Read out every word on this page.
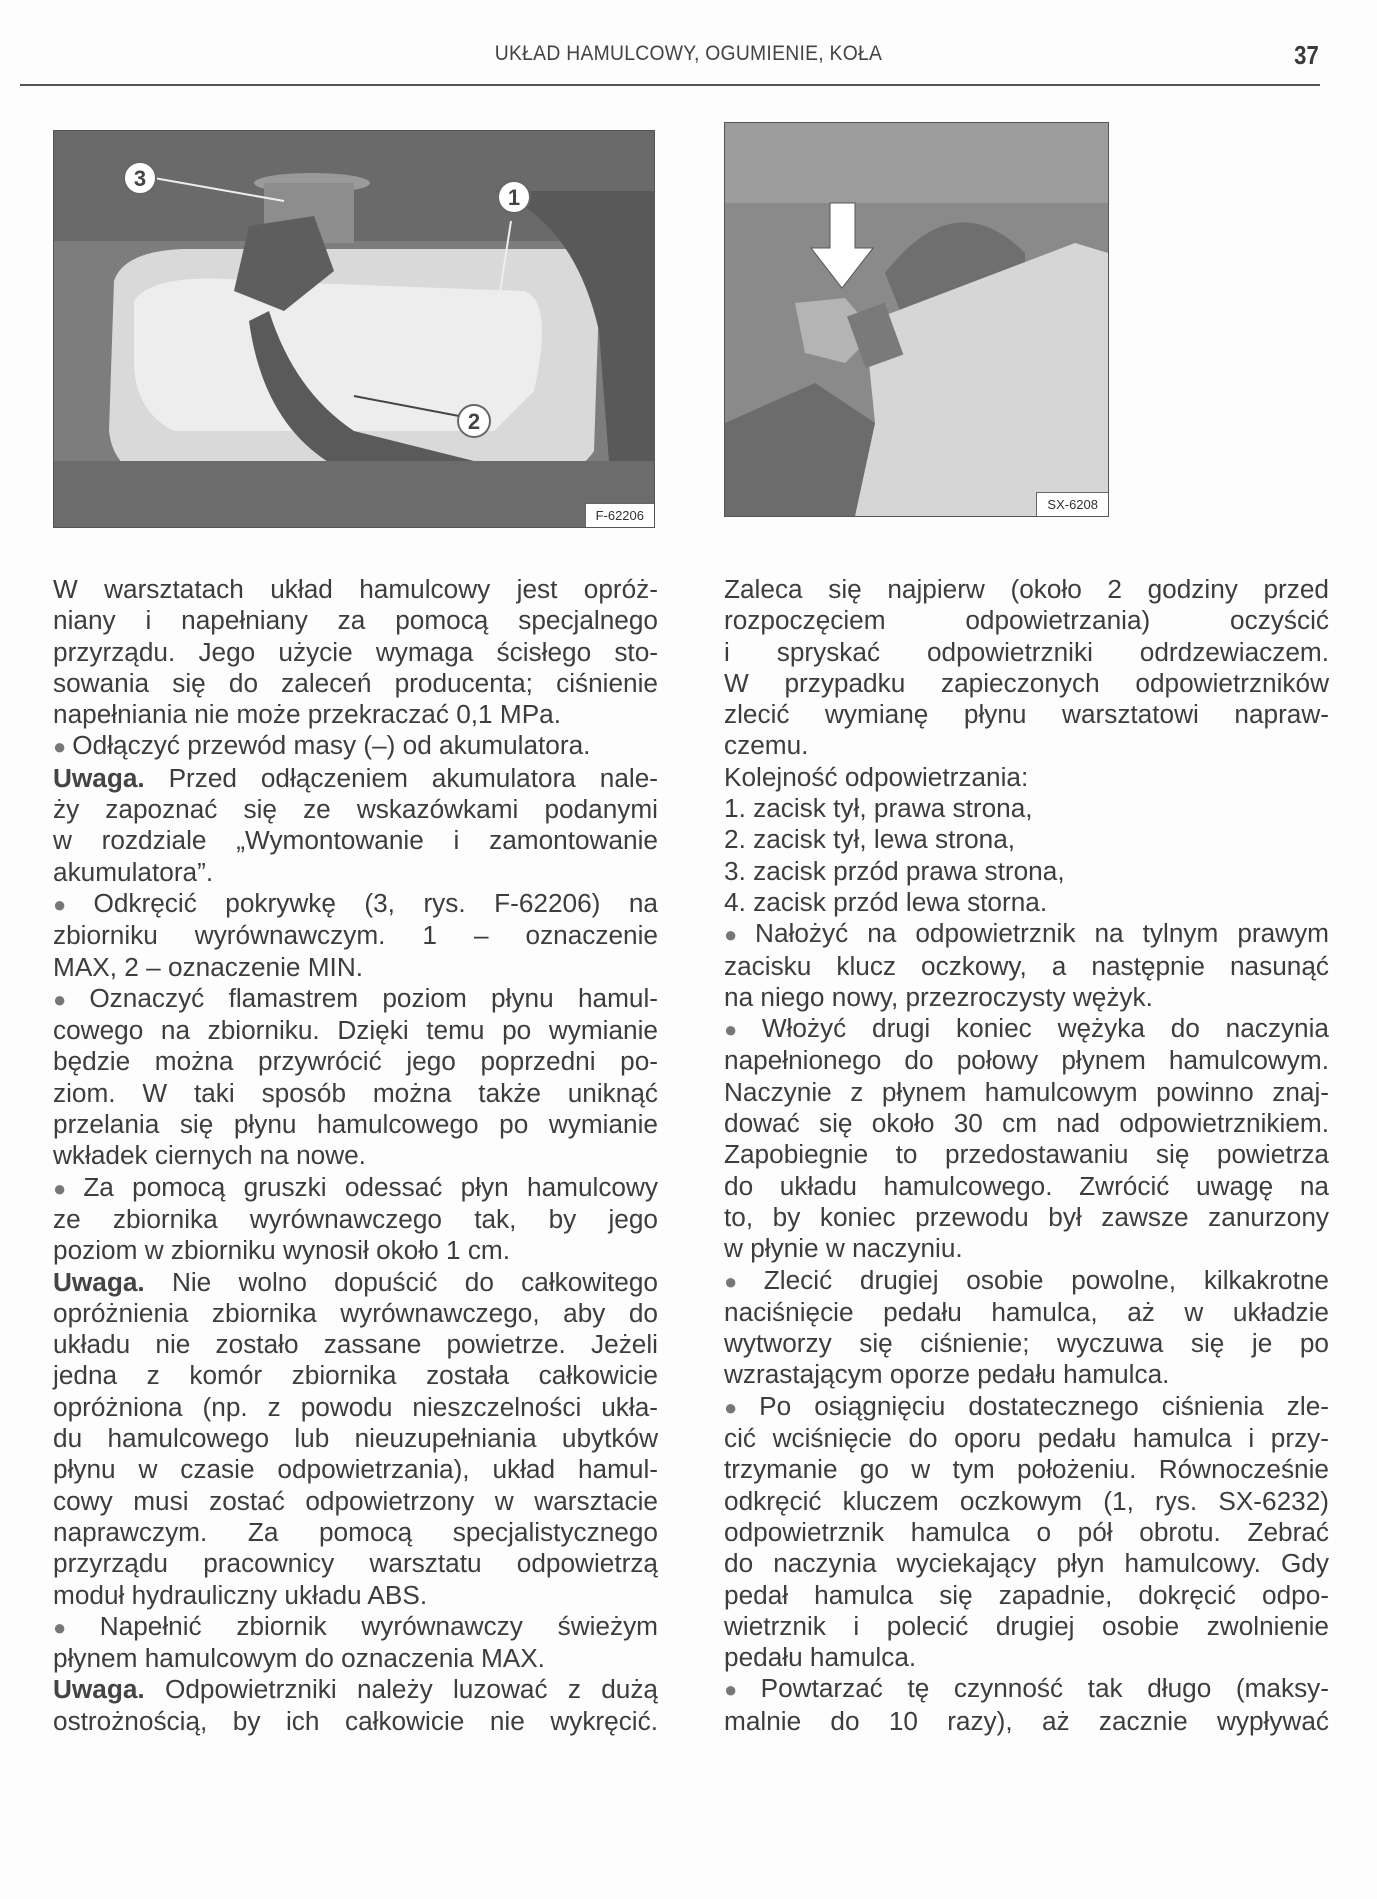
UKŁAD HAMULCOWY, OGUMIENIE, KOŁA	37
3
1
2
F-62206
SX-6208
W warsztatach układ hamulcowy jest opróż-
niany i napełniany za pomocą specjalnego
przyrządu. Jego użycie wymaga ścisłego sto-
sowania się do zaleceń producenta; ciśnienie
napełniania nie może przekraczać 0,1 MPa.
● Odłączyć przewód masy (–) od akumulatora.
Uwaga. Przed odłączeniem akumulatora nale-
ży zapoznać się ze wskazówkami podanymi
w rozdziale „Wymontowanie i zamontowanie
akumulatora”.
● Odkręcić pokrywkę (3, rys. F-62206) na
zbiorniku wyrównawczym. 1 – oznaczenie
MAX, 2 – oznaczenie MIN.
● Oznaczyć flamastrem poziom płynu hamul-
cowego na zbiorniku. Dzięki temu po wymianie
będzie można przywrócić jego poprzedni po-
ziom. W taki sposób można także uniknąć
przelania się płynu hamulcowego po wymianie
wkładek ciernych na nowe.
● Za pomocą gruszki odessać płyn hamulcowy
ze zbiornika wyrównawczego tak, by jego
poziom w zbiorniku wynosił około 1 cm.
Uwaga. Nie wolno dopuścić do całkowitego
opróżnienia zbiornika wyrównawczego, aby do
układu nie zostało zassane powietrze. Jeżeli
jedna z komór zbiornika została całkowicie
opróżniona (np. z powodu nieszczelności ukła-
du hamulcowego lub nieuzupełniania ubytków
płynu w czasie odpowietrzania), układ hamul-
cowy musi zostać odpowietrzony w warsztacie
naprawczym. Za pomocą specjalistycznego
przyrządu pracownicy warsztatu odpowietrzą
moduł hydrauliczny układu ABS.
● Napełnić zbiornik wyrównawczy świeżym
płynem hamulcowym do oznaczenia MAX.
Uwaga. Odpowietrzniki należy luzować z dużą
ostrożnością, by ich całkowicie nie wykręcić.
Zaleca się najpierw (około 2 godziny przed
rozpoczęciem odpowietrzania) oczyścić
i spryskać odpowietrzniki odrdzewiaczem.
W przypadku zapieczonych odpowietrzników
zlecić wymianę płynu warsztatowi napraw-
czemu.
Kolejność odpowietrzania:
1. zacisk tył, prawa strona,
2. zacisk tył, lewa strona,
3. zacisk przód prawa strona,
4. zacisk przód lewa storna.
● Nałożyć na odpowietrznik na tylnym prawym
zacisku klucz oczkowy, a następnie nasunąć
na niego nowy, przezroczysty wężyk.
● Włożyć drugi koniec wężyka do naczynia
napełnionego do połowy płynem hamulcowym.
Naczynie z płynem hamulcowym powinno znaj-
dować się około 30 cm nad odpowietrznikiem.
Zapobiegnie to przedostawaniu się powietrza
do układu hamulcowego. Zwrócić uwagę na
to, by koniec przewodu był zawsze zanurzony
w płynie w naczyniu.
● Zlecić drugiej osobie powolne, kilkakrotne
naciśnięcie pedału hamulca, aż w układzie
wytworzy się ciśnienie; wyczuwa się je po
wzrastającym oporze pedału hamulca.
● Po osiągnięciu dostatecznego ciśnienia zle-
cić wciśnięcie do oporu pedału hamulca i przy-
trzymanie go w tym położeniu. Równocześnie
odkręcić kluczem oczkowym (1, rys. SX-6232)
odpowietrznik hamulca o pół obrotu. Zebrać
do naczynia wyciekający płyn hamulcowy. Gdy
pedał hamulca się zapadnie, dokręcić odpo-
wietrznik i polecić drugiej osobie zwolnienie
pedału hamulca.
● Powtarzać tę czynność tak długo (maksy-
malnie do 10 razy), aż zacznie wypływać
